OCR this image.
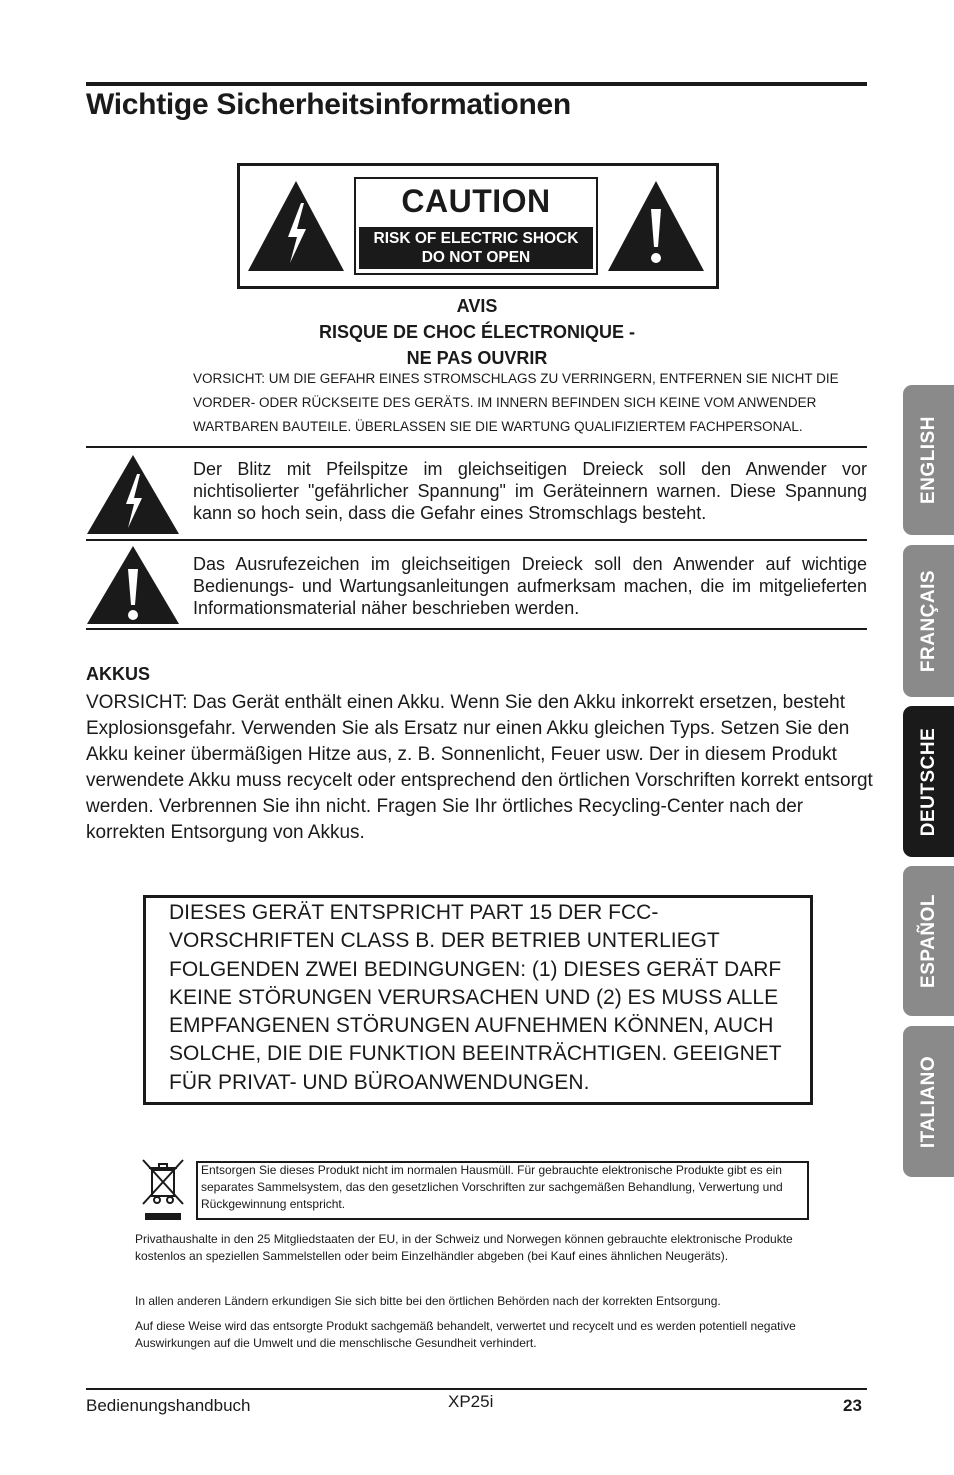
Wichtige Sicherheitsinformationen
CAUTION
RISK OF ELECTRIC SHOCK
DO NOT OPEN
AVIS
RISQUE DE CHOC ÉLECTRONIQUE -
NE PAS OUVRIR
VORSICHT: UM DIE GEFAHR EINES STROMSCHLAGS ZU VERRINGERN, ENTFERNEN SIE NICHT DIE VORDER- ODER RÜCKSEITE DES GERÄTS. IM INNERN BEFINDEN SICH KEINE VOM ANWENDER WARTBAREN BAUTEILE. ÜBERLASSEN SIE DIE WARTUNG QUALIFIZIERTEM FACHPERSONAL.
Der Blitz mit Pfeilspitze im gleichseitigen Dreieck soll den Anwender vor nichtisolierter "gefährlicher Spannung" im Geräteinnern warnen. Diese Spannung kann so hoch sein, dass die Gefahr eines Stromschlags besteht.
Das Ausrufezeichen im gleichseitigen Dreieck soll den Anwender auf wichtige Bedienungs- und Wartungsanleitungen aufmerksam machen, die im mitgelieferten Informationsmaterial näher beschrieben werden.
AKKUS
VORSICHT: Das Gerät enthält einen Akku. Wenn Sie den Akku inkorrekt ersetzen, besteht Explosionsgefahr. Verwenden Sie als Ersatz nur einen Akku gleichen Typs. Setzen Sie den Akku keiner übermäßigen Hitze aus, z. B. Sonnenlicht, Feuer usw. Der in diesem Produkt verwendete Akku muss recycelt oder entsprechend den örtlichen Vorschriften korrekt entsorgt werden. Verbrennen Sie ihn nicht. Fragen Sie Ihr örtliches Recycling-Center nach der korrekten Entsorgung von Akkus.
DIESES GERÄT ENTSPRICHT PART 15 DER FCC-VORSCHRIFTEN CLASS B. DER BETRIEB UNTERLIEGT FOLGENDEN ZWEI BEDINGUNGEN: (1) DIESES GERÄT DARF KEINE STÖRUNGEN VERURSACHEN UND (2) ES MUSS ALLE EMPFANGENEN STÖRUNGEN AUFNEHMEN KÖNNEN, AUCH SOLCHE, DIE DIE FUNKTION BEEINTRÄCHTIGEN. GEEIGNET FÜR PRIVAT- UND BÜROANWENDUNGEN.
Entsorgen Sie dieses Produkt nicht im normalen Hausmüll. Für gebrauchte elektronische Produkte gibt es ein separates Sammelsystem, das den gesetzlichen Vorschriften zur sachgemäßen Behandlung, Verwertung und Rückgewinnung entspricht.
Privathaushalte in den 25 Mitgliedstaaten der EU, in der Schweiz und Norwegen können gebrauchte elektronische Produkte kostenlos an speziellen Sammelstellen oder beim Einzelhändler abgeben (bei Kauf eines ähnlichen Neugeräts).
In allen anderen Ländern erkundigen Sie sich bitte bei den örtlichen Behörden nach der korrekten Entsorgung.
Auf diese Weise wird das entsorgte Produkt sachgemäß behandelt, verwertet und recycelt und es werden potentiell negative Auswirkungen auf die Umwelt und die menschlische Gesundheit verhindert.
Bedienungshandbuch	XP25i	23
ENGLISH
FRANÇAIS
DEUTSCHE
ESPAÑOL
ITALIANO
